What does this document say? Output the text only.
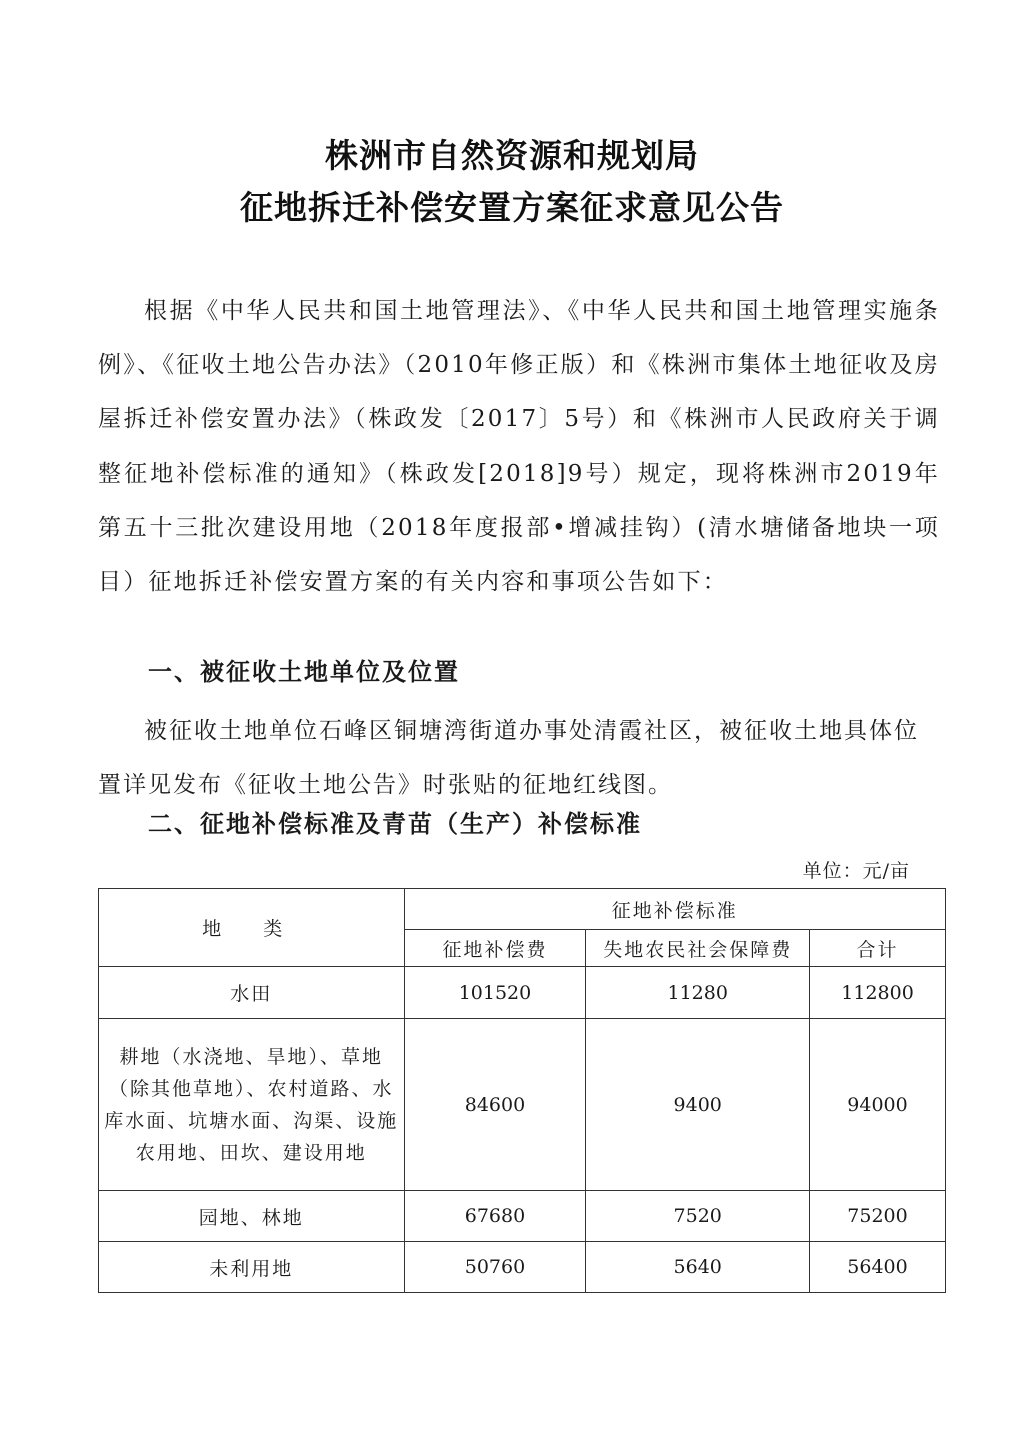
株洲市自然资源和规划局
征地拆迁补偿安置方案征求意见公告
根据《中华人民共和国土地管理法》、《中华人民共和国土地管理实施条例》、《征收土地公告办法》（2010年修正版）和《株洲市集体土地征收及房屋拆迁补偿安置办法》（株政发〔2017〕5号）和《株洲市人民政府关于调整征地补偿标准的通知》（株政发[2018]9号）规定，现将株洲市2019年第五十三批次建设用地（2018年度报部•增减挂钩）(清水塘储备地块一项目）征地拆迁补偿安置方案的有关内容和事项公告如下：
一、被征收土地单位及位置
被征收土地单位石峰区铜塘湾街道办事处清霞社区，被征收土地具体位置详见发布《征收土地公告》时张贴的征地红线图。
二、征地补偿标准及青苗（生产）补偿标准
单位：元/亩
地 类	征地补偿标准		
	征地补偿费	失地农民社会保障费	合计
水田	101520	11280	112800
耕地（水浇地、旱地）、草地（除其他草地）、农村道路、水库水面、坑塘水面、沟渠、设施农用地、田坎、建设用地	84600	9400	94000
园地、林地	67680	7520	75200
未利用地	50760	5640	56400
